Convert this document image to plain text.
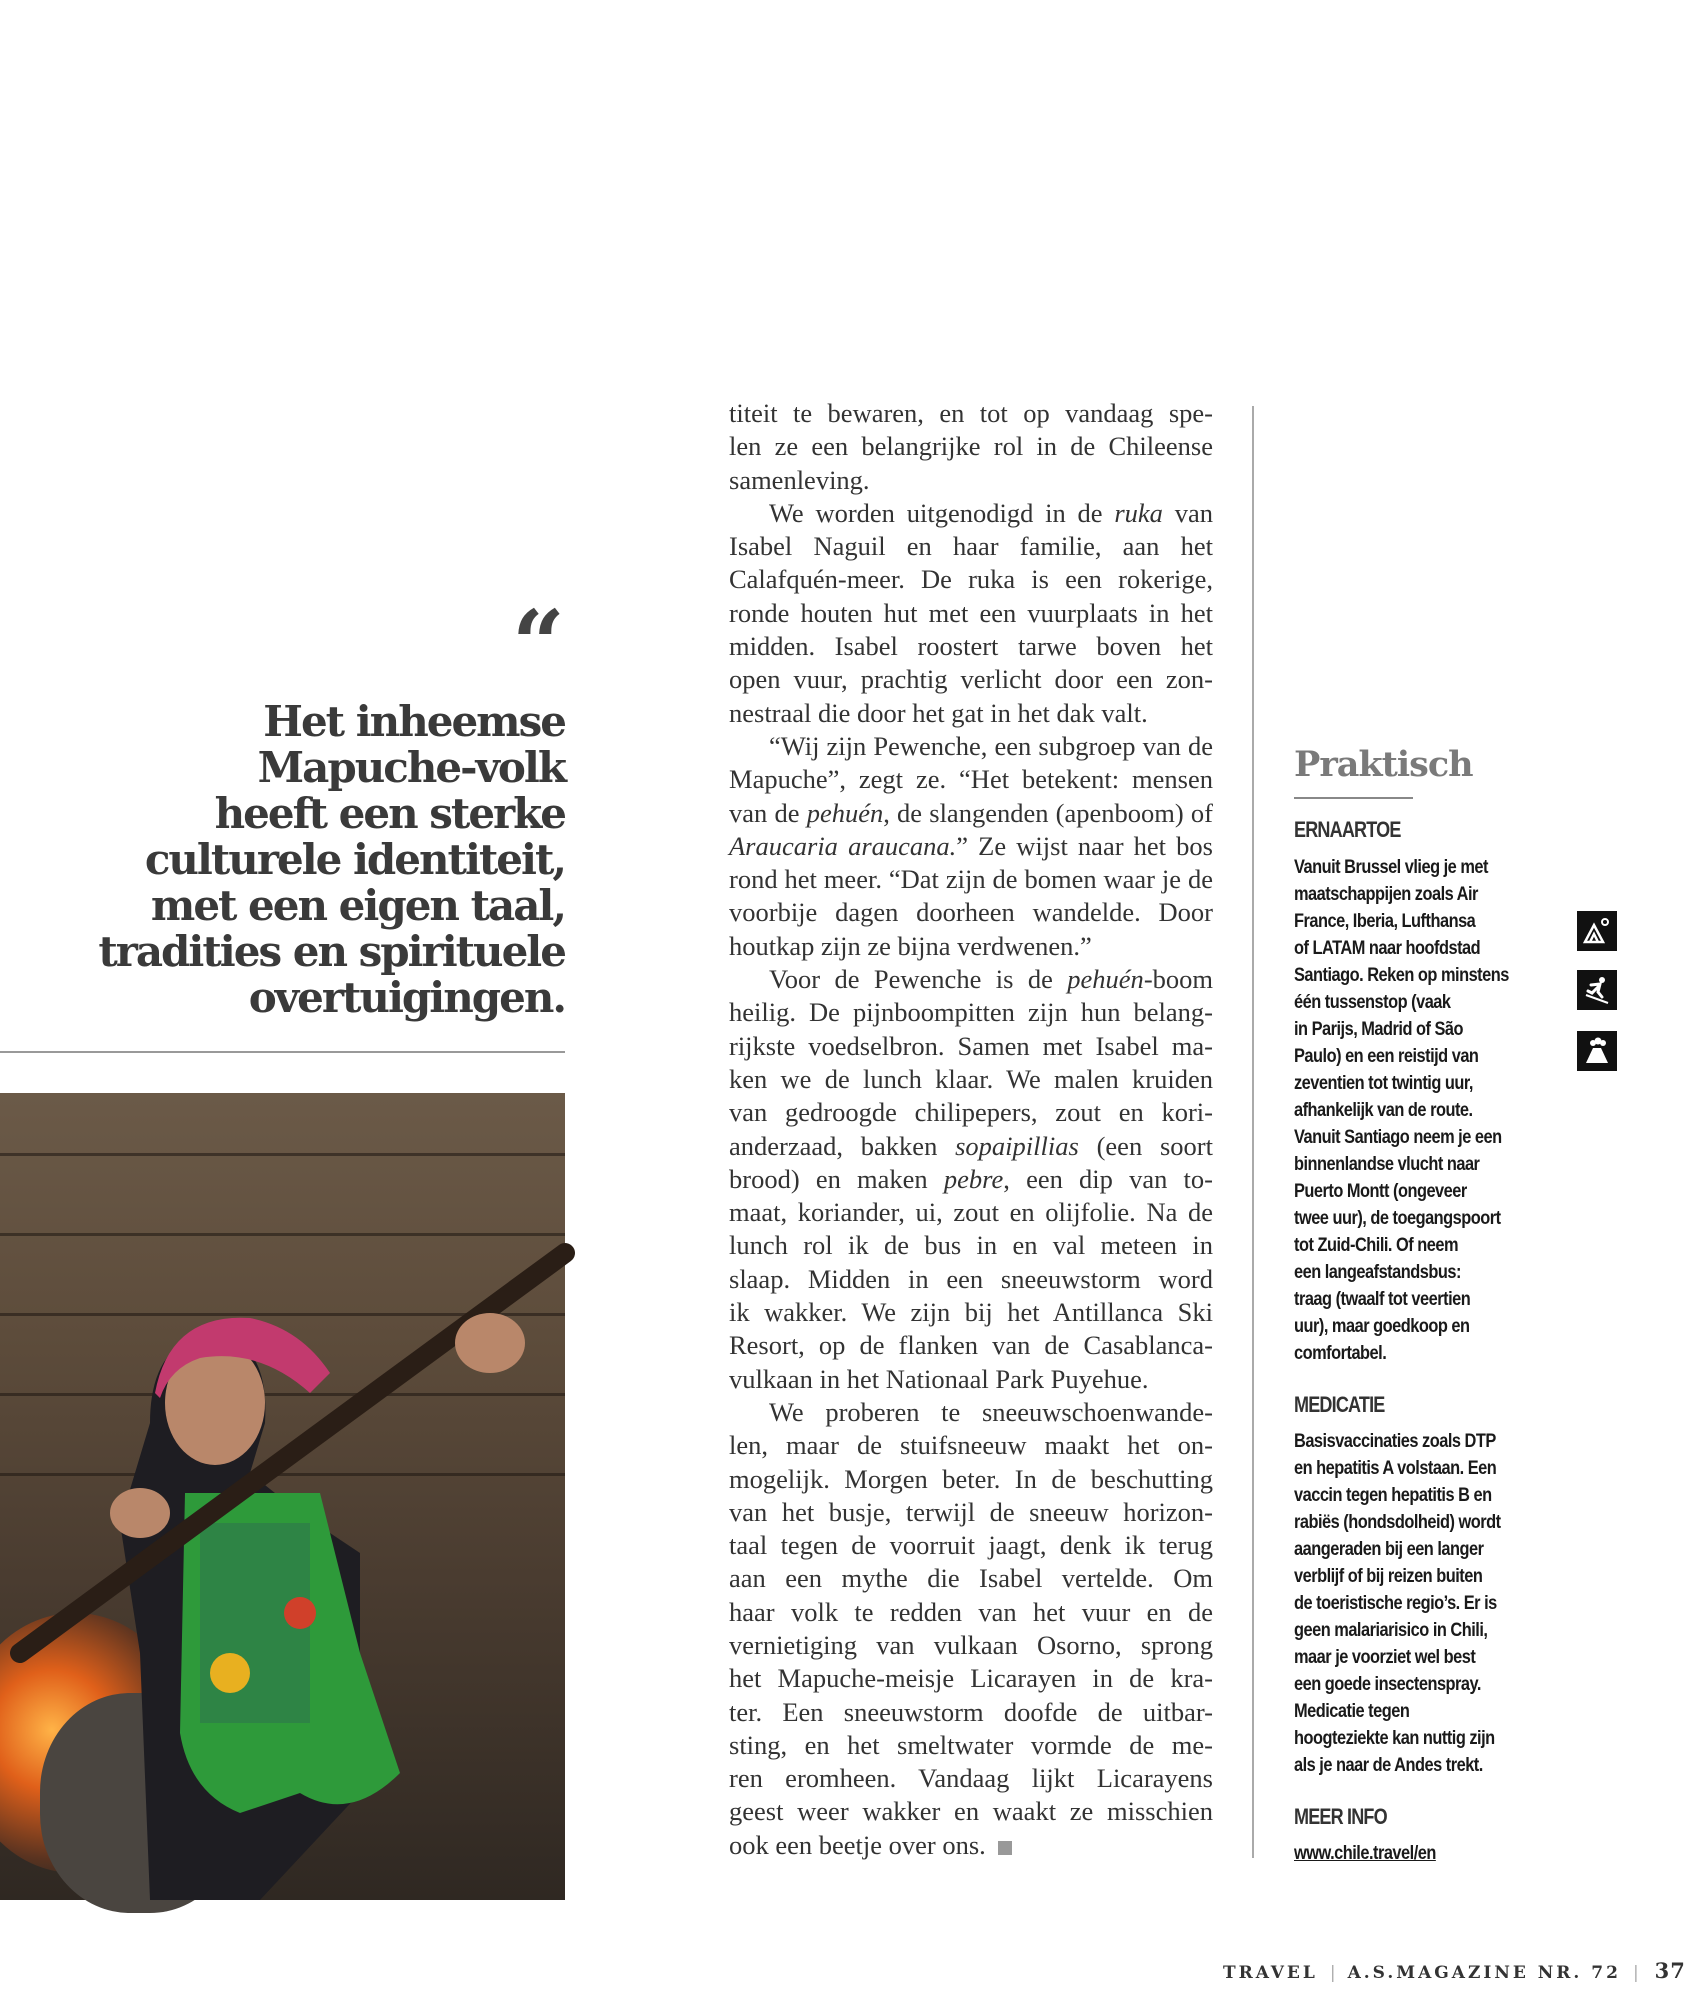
“
Het inheemse
Mapuche-volk
heeft een sterke
culturele identiteit,
met een eigen taal,
tradities en spirituele
overtuigingen.
titeit te bewaren, en tot op vandaag spe-
len ze een belangrijke rol in de Chileense
samenleving.
We worden uitgenodigd in de ruka van
Isabel Naguil en haar familie, aan het
Calafquén-meer. De ruka is een rokerige,
ronde houten hut met een vuurplaats in het
midden. Isabel roostert tarwe boven het
open vuur, prachtig verlicht door een zon-
nestraal die door het gat in het dak valt.
“Wij zijn Pewenche, een subgroep van de
Mapuche”, zegt ze. “Het betekent: mensen
van de pehuén, de slangenden (apenboom) of
Araucaria araucana.” Ze wijst naar het bos
rond het meer. “Dat zijn de bomen waar je de
voorbije dagen doorheen wandelde. Door
houtkap zijn ze bijna verdwenen.”
Voor de Pewenche is de pehuén-boom
heilig. De pijnboompitten zijn hun belang-
rijkste voedselbron. Samen met Isabel ma-
ken we de lunch klaar. We malen kruiden
van gedroogde chilipepers, zout en kori-
anderzaad, bakken sopaipillias (een soort
brood) en maken pebre, een dip van to-
maat, koriander, ui, zout en olijfolie. Na de
lunch rol ik de bus in en val meteen in
slaap. Midden in een sneeuwstorm word
ik wakker. We zijn bij het Antillanca Ski
Resort, op de flanken van de Casablanca-
vulkaan in het Nationaal Park Puyehue.
We proberen te sneeuwschoenwande-
len, maar de stuifsneeuw maakt het on-
mogelijk. Morgen beter. In de beschutting
van het busje, terwijl de sneeuw horizon-
taal tegen de voorruit jaagt, denk ik terug
aan een mythe die Isabel vertelde. Om
haar volk te redden van het vuur en de
vernietiging van vulkaan Osorno, sprong
het Mapuche-meisje Licarayen in de kra-
ter. Een sneeuwstorm doofde de uitbar-
sting, en het smeltwater vormde de me-
ren eromheen. Vandaag lijkt Licarayens
geest weer wakker en waakt ze misschien
ook een beetje over ons.
Praktisch
ERNAARTOE
Vanuit Brussel vlieg je met
maatschappijen zoals Air
France, Iberia, Lufthansa
of LATAM naar hoofdstad
Santiago. Reken op minstens
één tussenstop (vaak
in Parijs, Madrid of São
Paulo) en een reistijd van
zeventien tot twintig uur,
afhankelijk van de route.
Vanuit Santiago neem je een
binnenlandse vlucht naar
Puerto Montt (ongeveer
twee uur), de toegangspoort
tot Zuid-Chili. Of neem
een langeafstandsbus:
traag (twaalf tot veertien
uur), maar goedkoop en
comfortabel.
MEDICATIE
Basisvaccinaties zoals DTP
en hepatitis A volstaan. Een
vaccin tegen hepatitis B en
rabiës (hondsdolheid) wordt
aangeraden bij een langer
verblijf of bij reizen buiten
de toeristische regio’s. Er is
geen malariarisico in Chili,
maar je voorziet wel best
een goede insectenspray.
Medicatie tegen
hoogteziekte kan nuttig zijn
als je naar de Andes trekt.
MEER INFO
www.chile.travel/en
TRAVEL | A.S.MAGAZINE NR. 72 | 37
